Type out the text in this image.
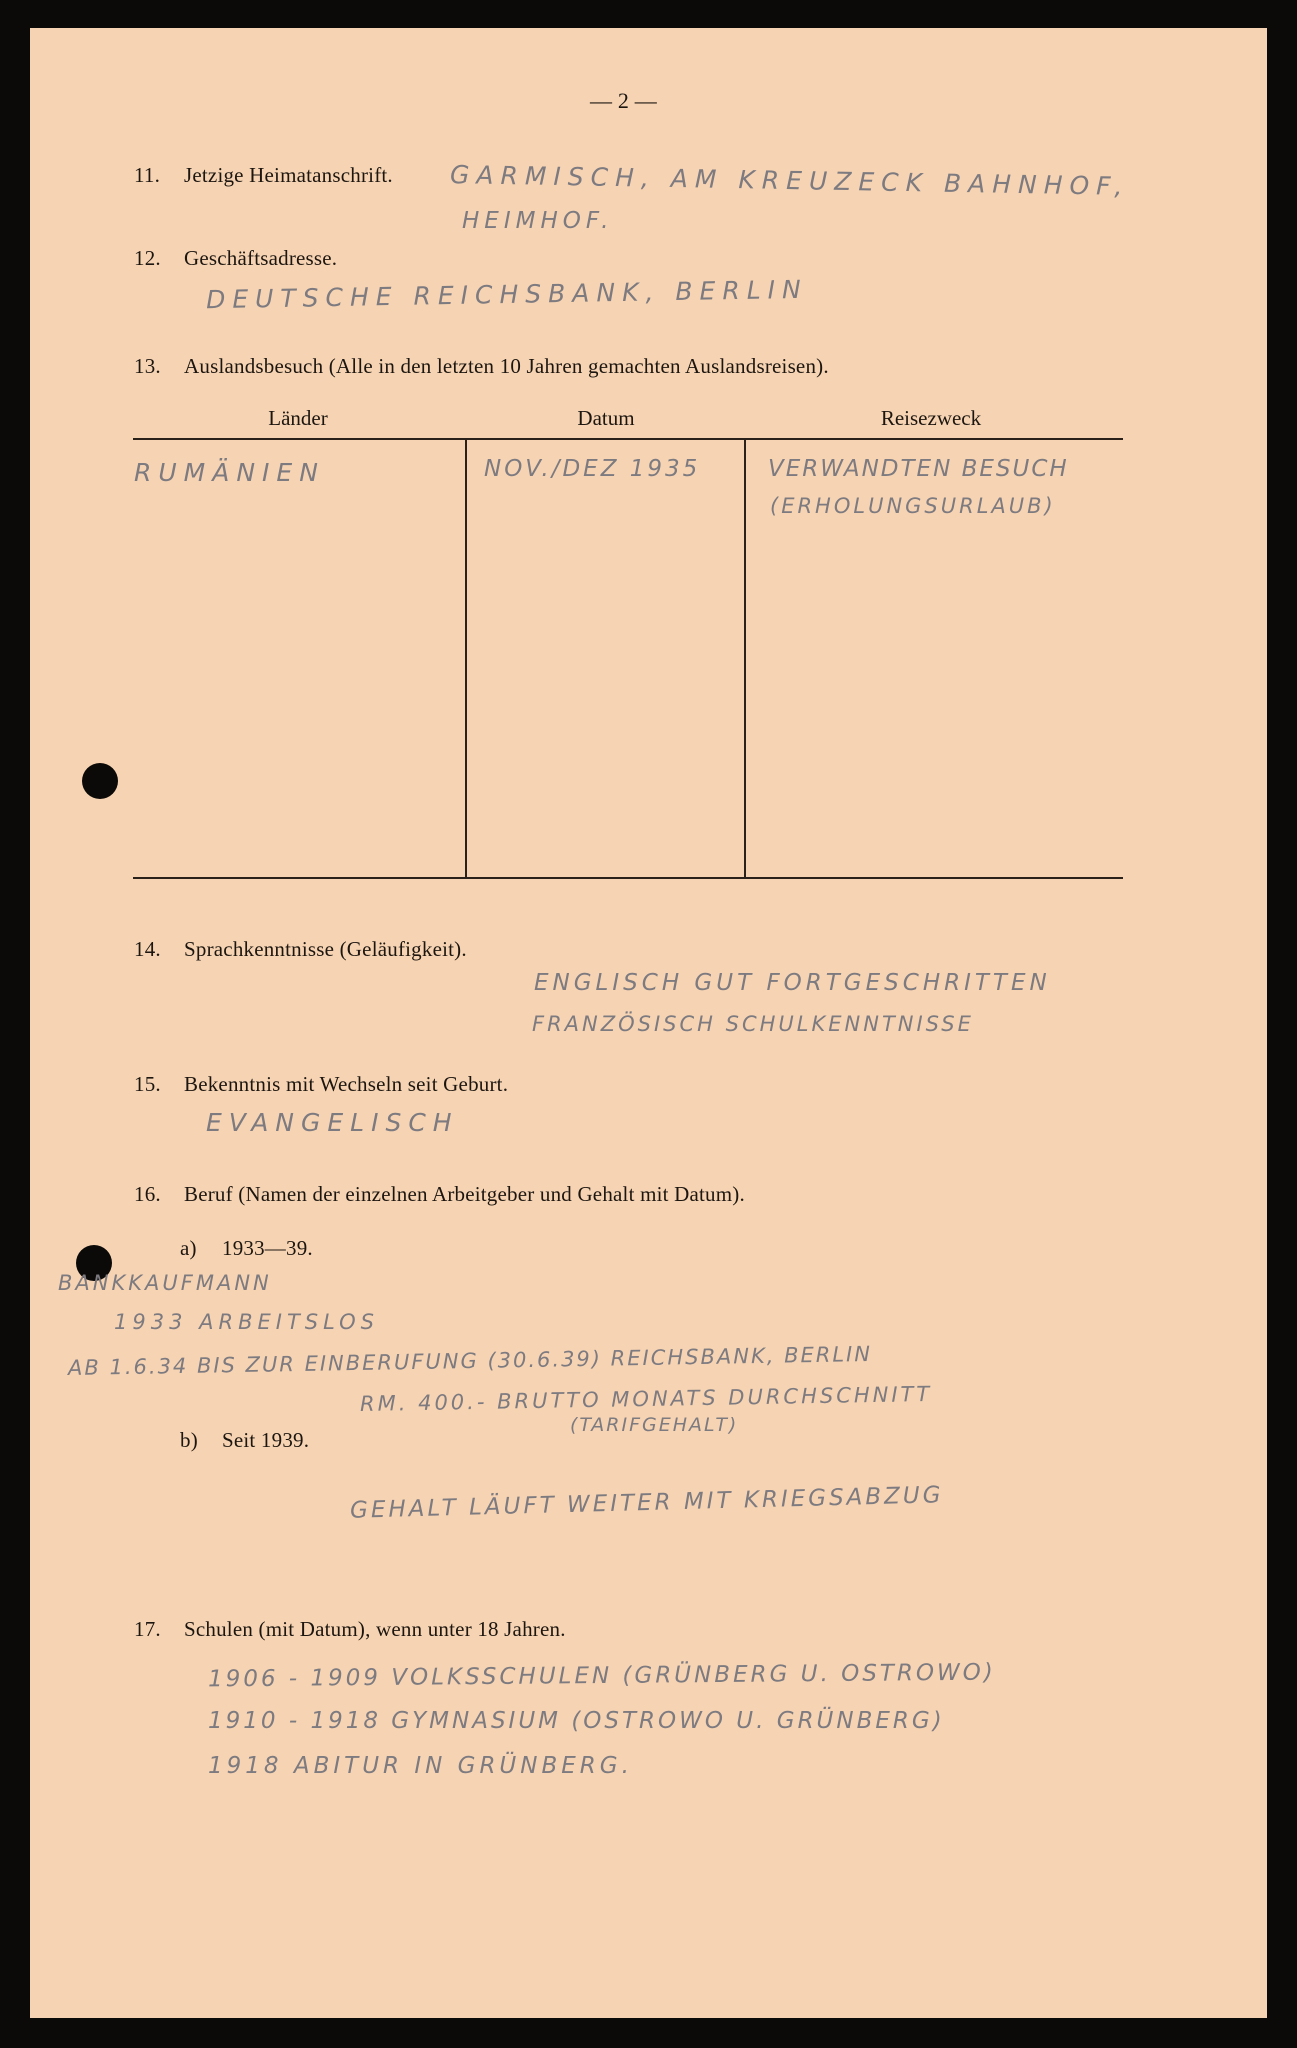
— 2 —
11. Jetzige Heimatanschrift. GARMISCH, AM KREUZECK BAHNHOF,
HEIMHOF.
12. Geschäftsadresse.
DEUTSCHE REICHSBANK, BERLIN
13. Auslandsbesuch (Alle in den letzten 10 Jahren gemachten Auslandsreisen).
Länder	Datum	Reisezweck
RUMÄNIEN	NOV./DEZ 1935	VERWANDTEN BESUCH
(ERHOLUNGSURLAUB)
14. Sprachkenntnisse (Geläufigkeit).
ENGLISCH GUT FORTGESCHRITTEN
FRANZÖSISCH SCHULKENNTNISSE
15. Bekenntnis mit Wechseln seit Geburt.
EVANGELISCH
16. Beruf (Namen der einzelnen Arbeitgeber und Gehalt mit Datum).
a) 1933—39.
BANKKAUFMANN
1933 ARBEITSLOS
AB 1.6.34 BIS ZUR EINBERUFUNG (30.6.39) REICHSBANK, BERLIN
RM. 400.- BRUTTO MONATS DURCHSCHNITT
(TARIFGEHALT)
b) Seit 1939.
GEHALT LÄUFT WEITER MIT KRIEGSABZUG
17. Schulen (mit Datum), wenn unter 18 Jahren.
1906 - 1909 VOLKSSCHULEN (GRÜNBERG U. OSTROWO)
1910 - 1918 GYMNASIUM (OSTROWO U. GRÜNBERG)
1918 ABITUR IN GRÜNBERG.
